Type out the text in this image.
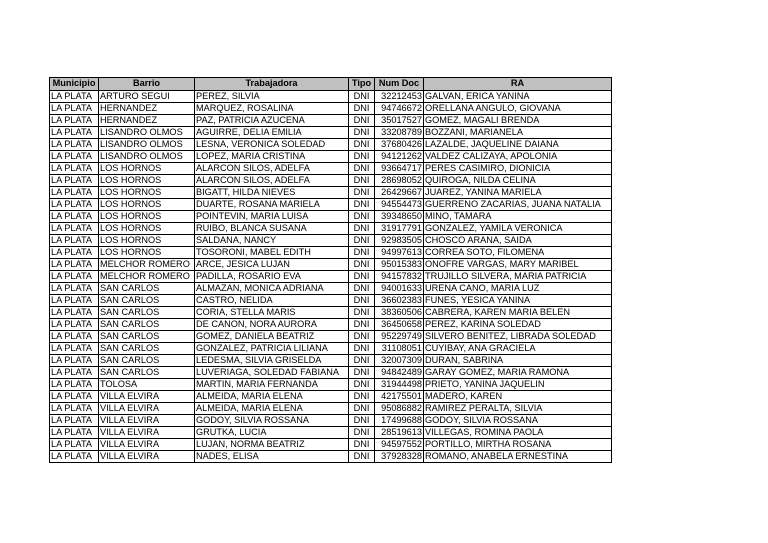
Municipio	Barrio	Trabajadora	Tipo	Num Doc	RA
LA PLATA	ARTURO SEGUI	PEREZ, SILVIA	DNI	32212453	GALVAN, ERICA YANINA
LA PLATA	HERNANDEZ	MARQUEZ, ROSALINA	DNI	94746672	ORELLANA ANGULO, GIOVANA
LA PLATA	HERNANDEZ	PAZ, PATRICIA AZUCENA	DNI	35017527	GOMEZ, MAGALI BRENDA
LA PLATA	LISANDRO OLMOS	AGUIRRE, DELIA EMILIA	DNI	33208789	BOZZANI, MARIANELA
LA PLATA	LISANDRO OLMOS	LESNA, VERONICA SOLEDAD	DNI	37680426	LAZALDE, JAQUELINE DAIANA
LA PLATA	LISANDRO OLMOS	LOPEZ, MARIA CRISTINA	DNI	94121262	VALDEZ CALIZAYA, APOLONIA
LA PLATA	LOS HORNOS	ALARCON SILOS, ADELFA	DNI	93664717	PERES CASIMIRO, DIONICIA
LA PLATA	LOS HORNOS	ALARCON SILOS, ADELFA	DNI	28698052	QUIROGA, NILDA CELINA
LA PLATA	LOS HORNOS	BIGATT, HILDA NIEVES	DNI	26429667	JUAREZ, YANINA MARIELA
LA PLATA	LOS HORNOS	DUARTE, ROSANA MARIELA	DNI	94554473	GUERRENO ZACARIAS, JUANA NATALIA
LA PLATA	LOS HORNOS	POINTEVIN, MARIA LUISA	DNI	39348650	MINO, TAMARA
LA PLATA	LOS HORNOS	RUIBO, BLANCA SUSANA	DNI	31917791	GONZALEZ, YAMILA VERONICA
LA PLATA	LOS HORNOS	SALDANA, NANCY	DNI	92983505	CHOSCO ARANA, SAIDA
LA PLATA	LOS HORNOS	TOSORONI, MABEL EDITH	DNI	94997613	CORREA SOTO, FILOMENA
LA PLATA	MELCHOR ROMERO	ARCE, JESICA LUJAN	DNI	95015383	ONOFRE VARGAS, MARY MARIBEL
LA PLATA	MELCHOR ROMERO	PADILLA, ROSARIO EVA	DNI	94157832	TRUJILLO SILVERA, MARIA PATRICIA
LA PLATA	SAN CARLOS	ALMAZAN, MONICA ADRIANA	DNI	94001633	URENA CANO, MARIA LUZ
LA PLATA	SAN CARLOS	CASTRO, NELIDA	DNI	36602383	FUNES, YESICA YANINA
LA PLATA	SAN CARLOS	CORIA, STELLA MARIS	DNI	38360506	CABRERA, KAREN MARIA BELEN
LA PLATA	SAN CARLOS	DE CANON, NORA AURORA	DNI	36450658	PEREZ, KARINA SOLEDAD
LA PLATA	SAN CARLOS	GOMEZ, DANIELA BEATRIZ	DNI	95229749	SILVERO BENITEZ, LIBRADA SOLEDAD
LA PLATA	SAN CARLOS	GONZALEZ, PATRICIA LILIANA	DNI	31108051	CUYIBAY, ANA GRACIELA
LA PLATA	SAN CARLOS	LEDESMA, SILVIA GRISELDA	DNI	32007309	DURAN, SABRINA
LA PLATA	SAN CARLOS	LUVERIAGA, SOLEDAD FABIANA	DNI	94842489	GARAY GOMEZ, MARIA RAMONA
LA PLATA	TOLOSA	MARTIN, MARIA FERNANDA	DNI	31944498	PRIETO, YANINA JAQUELIN
LA PLATA	VILLA ELVIRA	ALMEIDA, MARIA ELENA	DNI	42175501	MADERO, KAREN
LA PLATA	VILLA ELVIRA	ALMEIDA, MARIA ELENA	DNI	95086882	RAMIREZ PERALTA, SILVIA
LA PLATA	VILLA ELVIRA	GODOY, SILVIA ROSSANA	DNI	17499688	GODOY, SILVIA ROSSANA
LA PLATA	VILLA ELVIRA	GRUTKA, LUCIA	DNI	28519613	VILLEGAS, ROMINA PAOLA
LA PLATA	VILLA ELVIRA	LUJAN, NORMA BEATRIZ	DNI	94597552	PORTILLO, MIRTHA ROSANA
LA PLATA	VILLA ELVIRA	NADES, ELISA	DNI	37928328	ROMANO, ANABELA ERNESTINA
